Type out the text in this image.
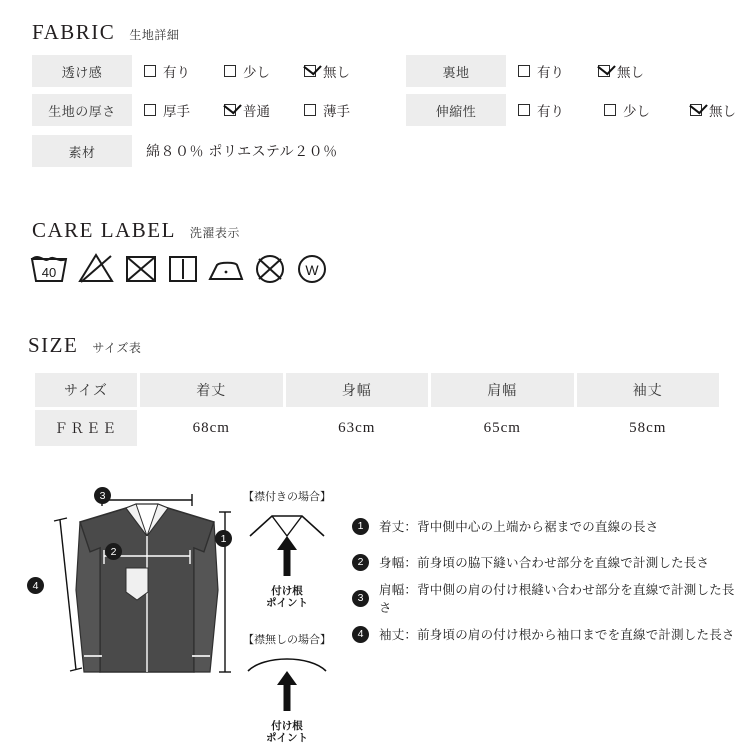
FABRIC 生地詳細
透け感	有り	少し	無し	裏地	有り	無し
生地の厚さ	厚手	普通	薄手	伸縮性	有り	少し	無し
素材	綿８０％ ポリエステル２０％
CARE LABEL 洗濯表示
40	W
SIZE サイズ表
サイズ	着丈	身幅	肩幅	袖丈
ＦＲＥＥ	68cm	63cm	65cm	58cm
3
2
1
4
【襟付きの場合】
付け根
ポイント
【襟無しの場合】
付け根
ポイント
1	着丈：背中側中心の上端から裾までの直線の長さ
2	身幅：前身頃の脇下縫い合わせ部分を直線で計測した長さ
3
肩幅：背中側の肩の付け根縫い合わせ部分を直線で計測した長さ
4	袖丈：前身頃の肩の付け根から袖口までを直線で計測した長さ
